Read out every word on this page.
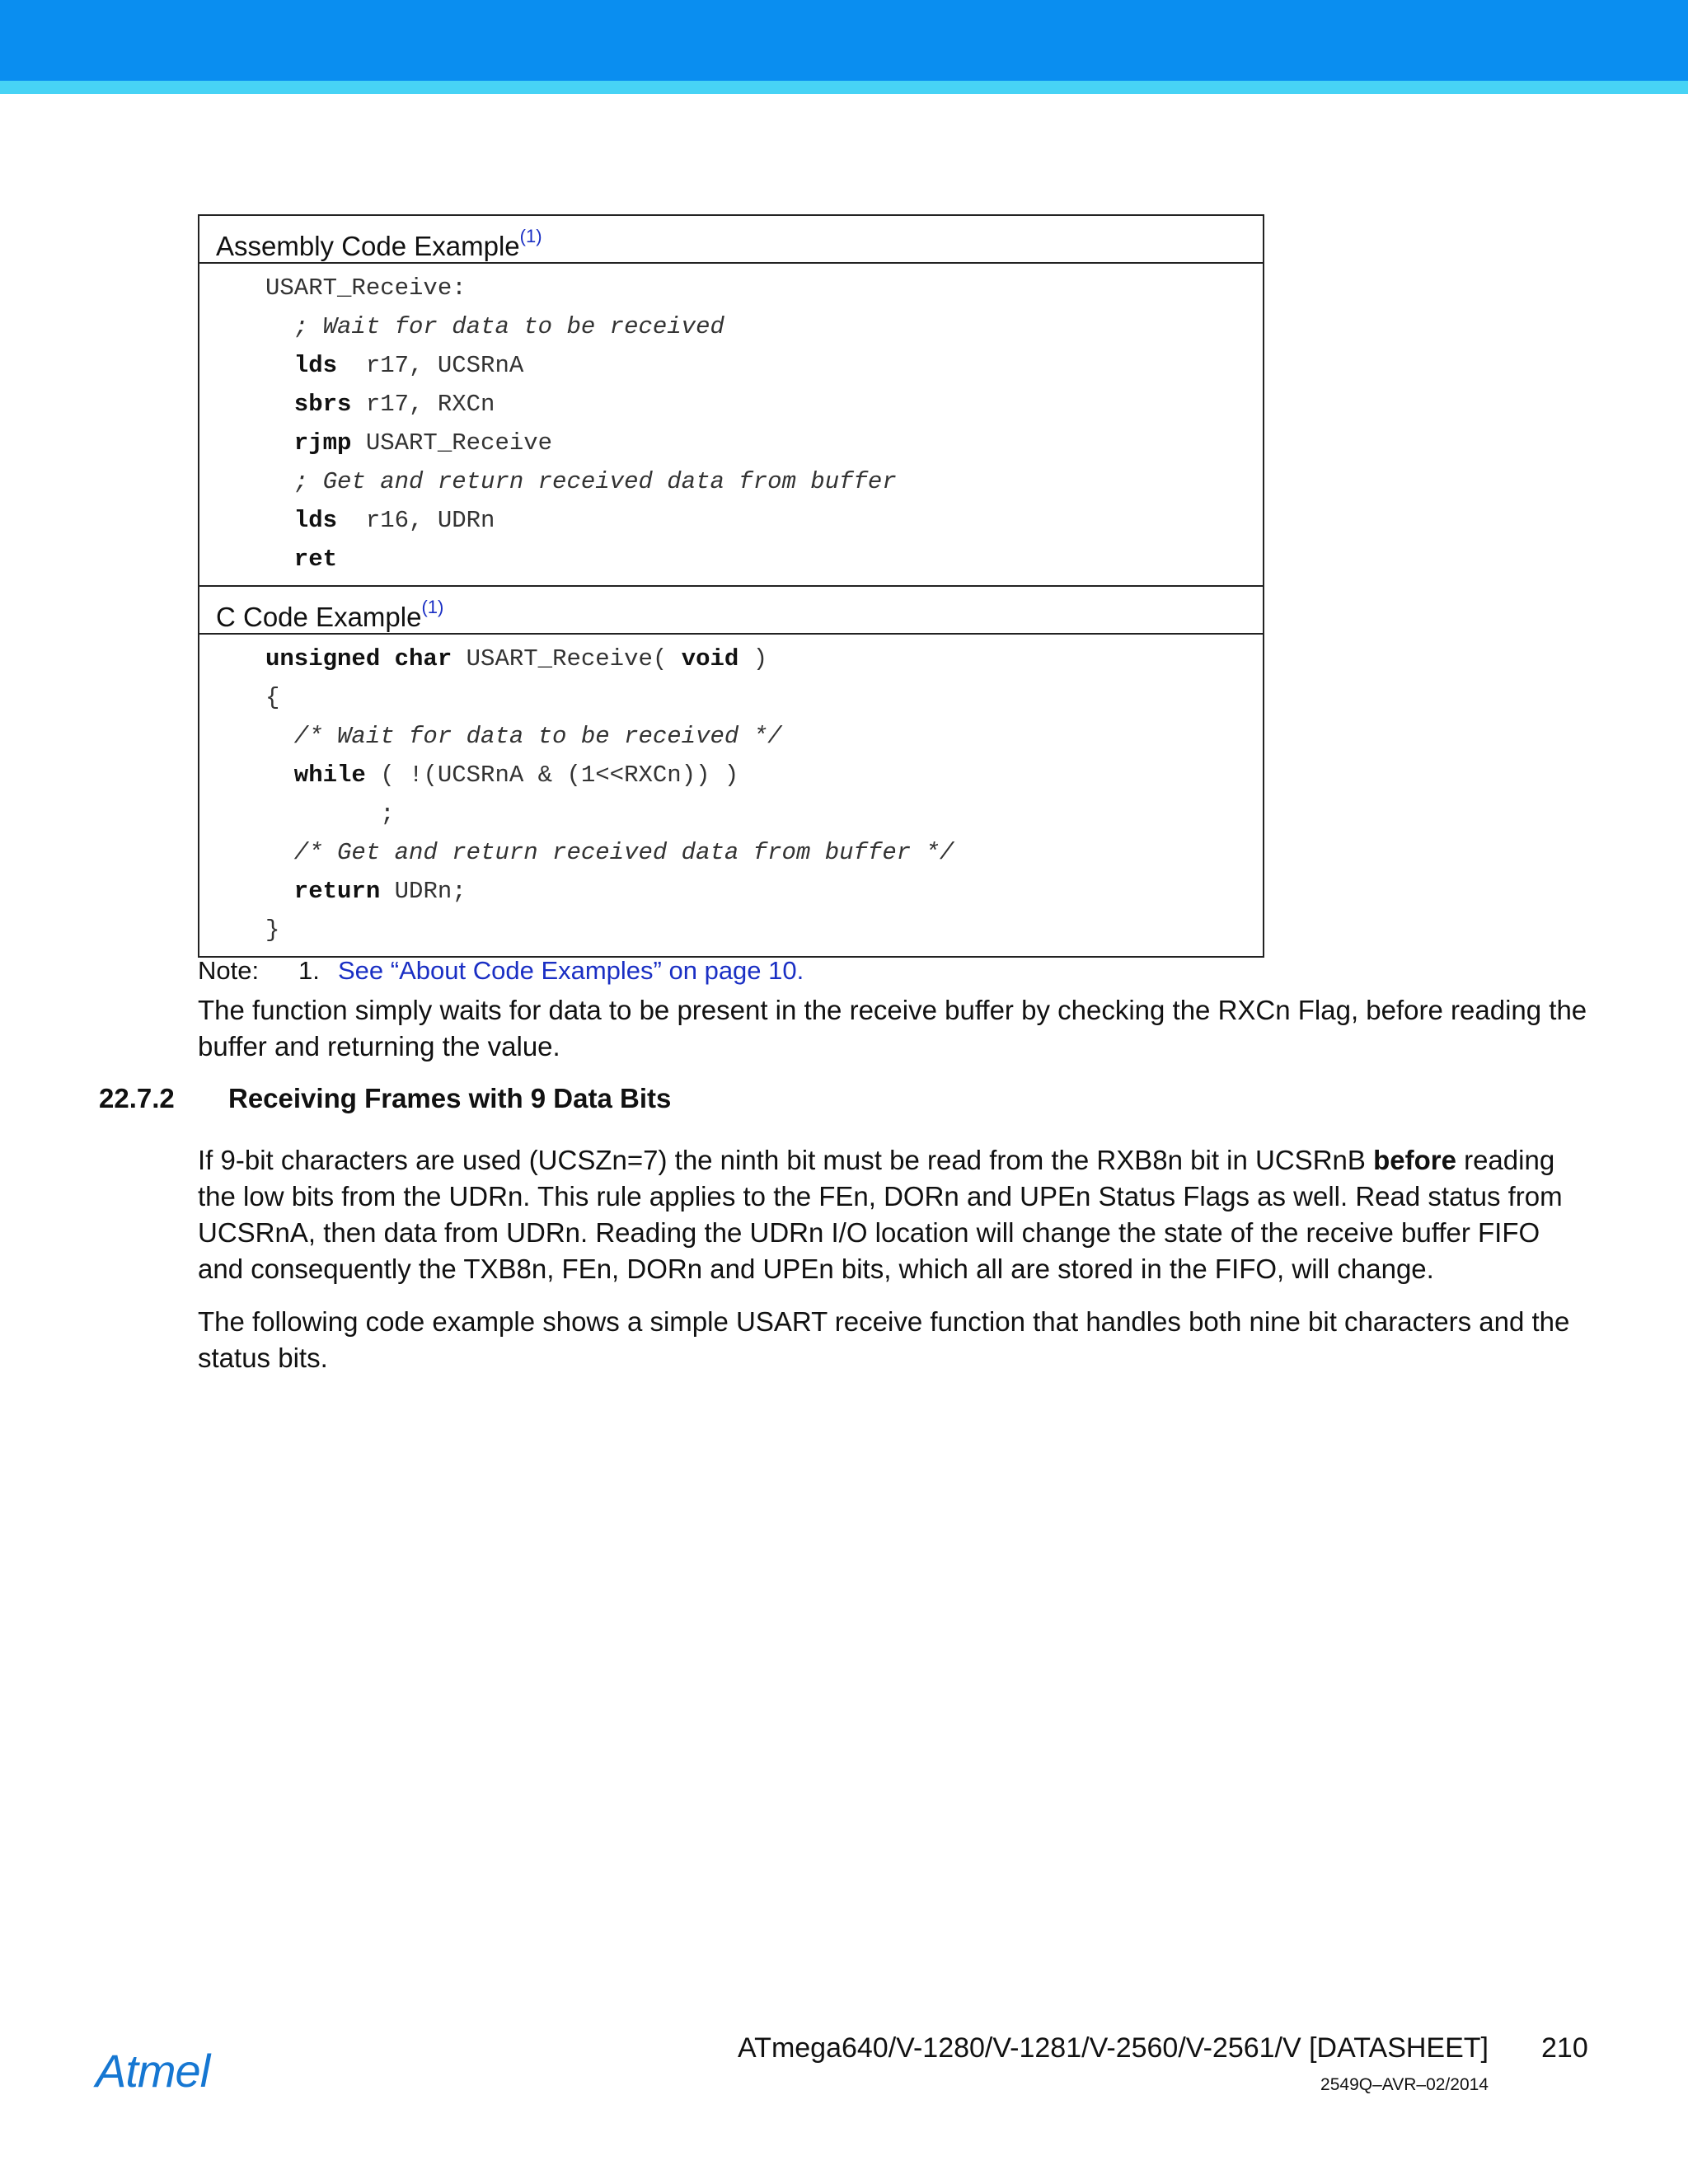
Assembly Code Example$^{(1)}$
USART_Receive:
; Wait for data to be received
lds  r17, UCSRnA
sbrs r17, RXCn
rjmp USART_Receive
; Get and return received data from buffer
lds  r16, UDRn
ret
C Code Example$^{(1)}$
unsigned char USART_Receive( void )
{
/* Wait for data to be received */
while ( !(UCSRnA & (1<<RXCn)) )
;
/* Get and return received data from buffer */
return UDRn;
}
Note: 1. See “About Code Examples” on page 10.
The function simply waits for data to be present in the receive buffer by checking the RXCn Flag, before reading the buffer and returning the value.
22.7.2 Receiving Frames with 9 Data Bits
If 9-bit characters are used (UCSZn=7) the ninth bit must be read from the RXB8n bit in UCSRnB before reading the low bits from the UDRn. This rule applies to the FEn, DORn and UPEn Status Flags as well. Read status from UCSRnA, then data from UDRn. Reading the UDRn I/O location will change the state of the receive buffer FIFO and consequently the TXB8n, FEn, DORn and UPEn bits, which all are stored in the FIFO, will change.
The following code example shows a simple USART receive function that handles both nine bit characters and the status bits.
Atmel	ATmega640/V-1280/V-1281/V-2560/V-2561/V [DATASHEET] 210
2549Q–AVR–02/2014
